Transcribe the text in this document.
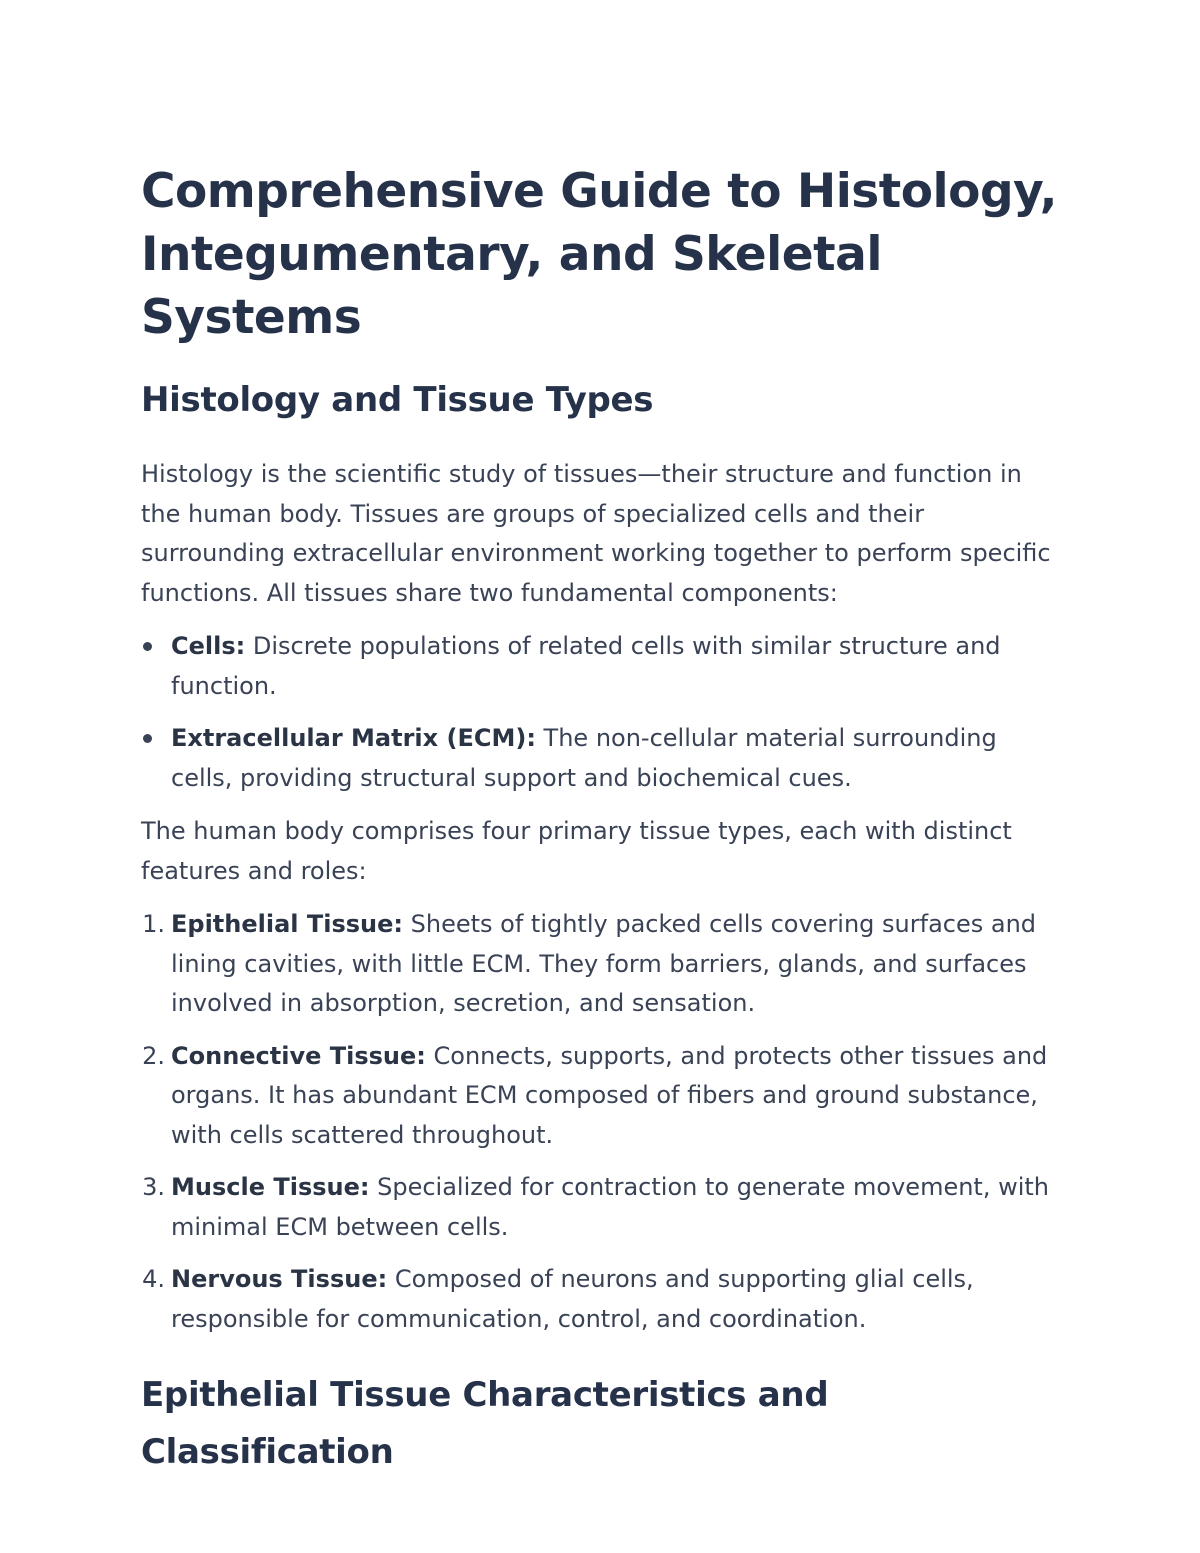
Comprehensive Guide to Histology, Integumentary, and Skeletal Systems
Histology and Tissue Types

Histology is the scientific study of tissues—their structure and function in the human body. Tissues are groups of specialized cells and their surrounding extracellular environment working together to perform specific functions. All tissues share two fundamental components:

Cells: Discrete populations of related cells with similar structure and function.
Extracellular Matrix (ECM): The non-cellular material surrounding cells, providing structural support and biochemical cues.

The human body comprises four primary tissue types, each with distinct features and roles:

1. Epithelial Tissue: Sheets of tightly packed cells covering surfaces and lining cavities, with little ECM. They form barriers, glands, and surfaces involved in absorption, secretion, and sensation.
2. Connective Tissue: Connects, supports, and protects other tissues and organs. It has abundant ECM composed of fibers and ground substance, with cells scattered throughout.
3. Muscle Tissue: Specialized for contraction to generate movement, with minimal ECM between cells.
4. Nervous Tissue: Composed of neurons and supporting glial cells, responsible for communication, control, and coordination.
Epithelial Tissue Characteristics and Classification
